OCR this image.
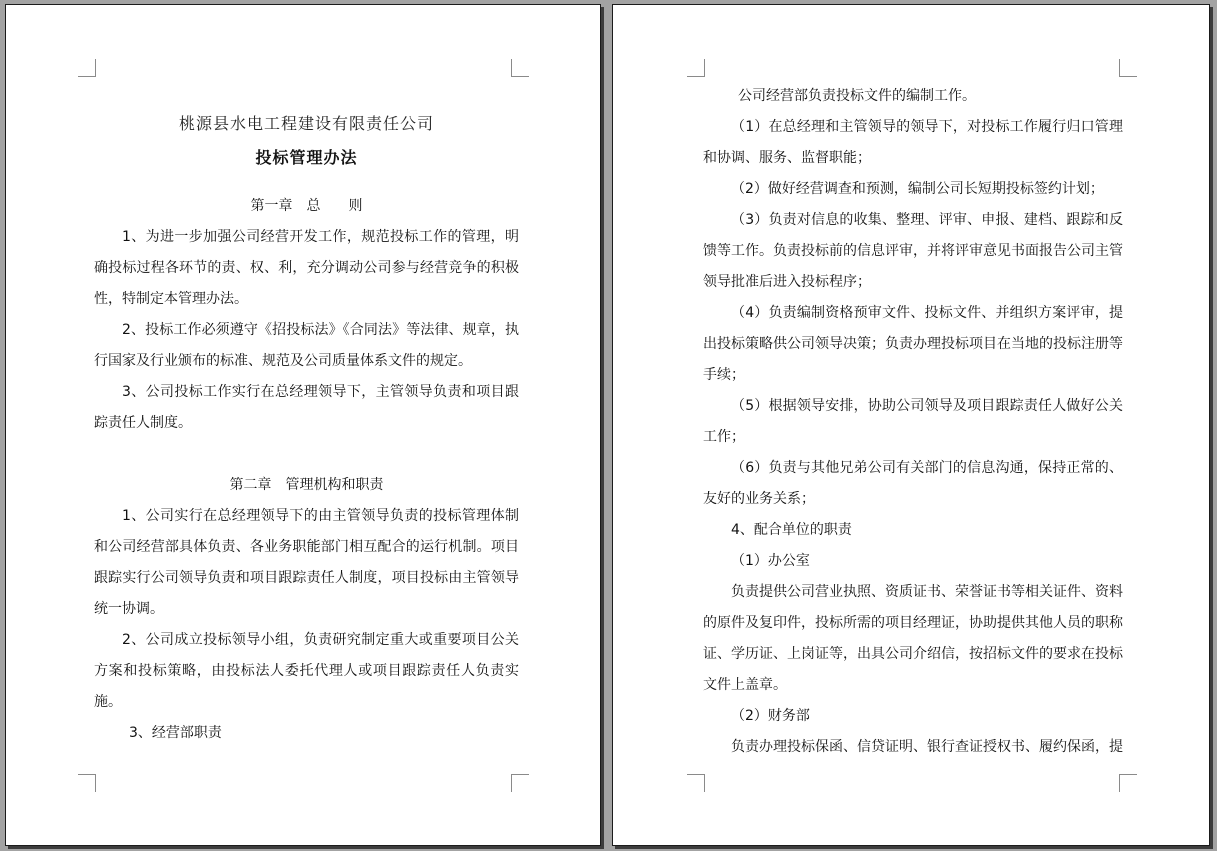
桃源县水电工程建设有限责任公司

投标管理办法

第一章　总　　则

1、为进一步加强公司经营开发工作，规范投标工作的管理，明确投标过程各环节的责、权、利，充分调动公司参与经营竞争的积极性，特制定本管理办法。

2、投标工作必须遵守《招投标法》《合同法》等法律、规章，执行国家及行业颁布的标准、规范及公司质量体系文件的规定。

3、公司投标工作实行在总经理领导下，主管领导负责和项目跟踪责任人制度。

第二章　管理机构和职责

1、公司实行在总经理领导下的由主管领导负责的投标管理体制和公司经营部具体负责、各业务职能部门相互配合的运行机制。项目跟踪实行公司领导负责和项目跟踪责任人制度，项目投标由主管领导统一协调。

2、公司成立投标领导小组，负责研究制定重大或重要项目公关方案和投标策略，由投标法人委托代理人或项目跟踪责任人负责实施。

3、经营部职责

公司经营部负责投标文件的编制工作。

（1）在总经理和主管领导的领导下，对投标工作履行归口管理和协调、服务、监督职能；

（2）做好经营调查和预测，编制公司长短期投标签约计划；

（3）负责对信息的收集、整理、评审、申报、建档、跟踪和反馈等工作。负责投标前的信息评审，并将评审意见书面报告公司主管领导批准后进入投标程序；

（4）负责编制资格预审文件、投标文件、并组织方案评审，提出投标策略供公司领导决策；负责办理投标项目在当地的投标注册等手续；

（5）根据领导安排，协助公司领导及项目跟踪责任人做好公关工作；

（6）负责与其他兄弟公司有关部门的信息沟通，保持正常的、友好的业务关系；

4、配合单位的职责

（1）办公室

负责提供公司营业执照、资质证书、荣誉证书等相关证件、资料的原件及复印件，投标所需的项目经理证，协助提供其他人员的职称证、学历证、上岗证等，出具公司介绍信，按招标文件的要求在投标文件上盖章。

（2）财务部

负责办理投标保函、信贷证明、银行查证授权书、履约保函，提
